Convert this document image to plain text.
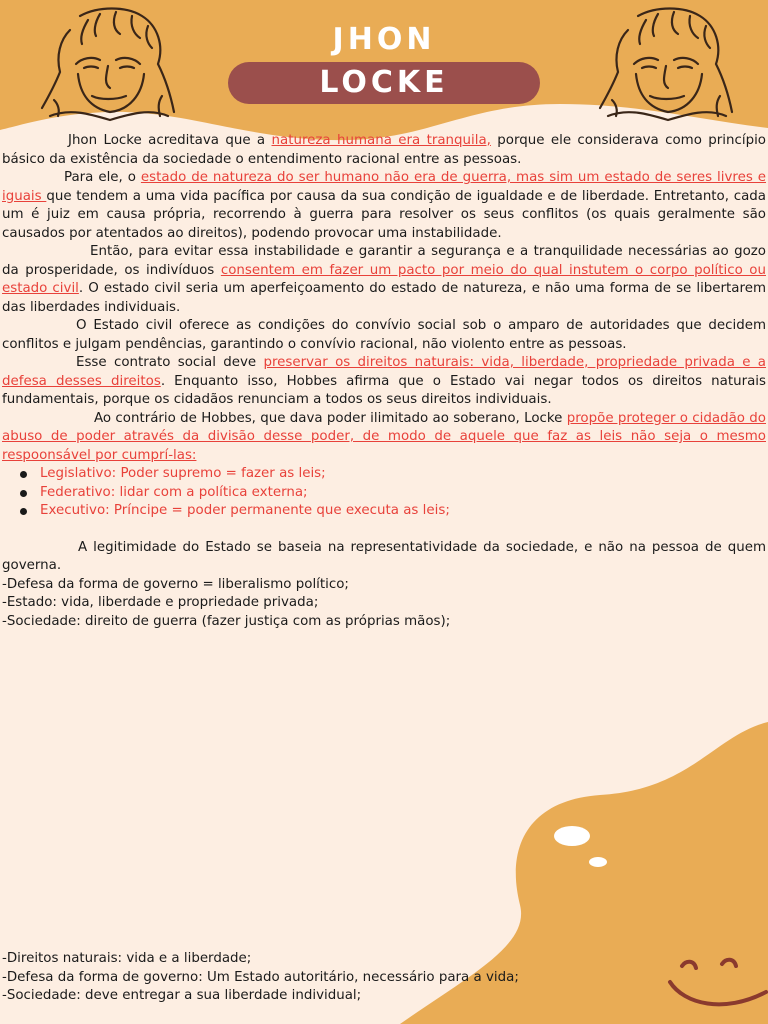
JHON
LOCKE

Jhon Locke acreditava que a natureza humana era tranquila, porque ele considerava como princípio básico da existência da sociedade o entendimento racional entre as pessoas.

Para ele, o estado de natureza do ser humano não era de guerra, mas sim um estado de seres livres e iguais que tendem a uma vida pacífica por causa da sua condição de igualdade e de liberdade. Entretanto, cada um é juiz em causa própria, recorrendo à guerra para resolver os seus conflitos (os quais geralmente são causados por atentados ao direitos), podendo provocar uma instabilidade.

Então, para evitar essa instabilidade e garantir a segurança e a tranquilidade necessárias ao gozo da prosperidade, os indivíduos consentem em fazer um pacto por meio do qual instutem o corpo político ou estado civil. O estado civil seria um aperfeiçoamento do estado de natureza, e não uma forma de se libertarem das liberdades individuais.

O Estado civil oferece as condições do convívio social sob o amparo de autoridades que decidem conflitos e julgam pendências, garantindo o convívio racional, não violento entre as pessoas.

Esse contrato social deve preservar os direitos naturais: vida, liberdade, propriedade privada e a defesa desses direitos. Enquanto isso, Hobbes afirma que o Estado vai negar todos os direitos naturais fundamentais, porque os cidadãos renunciam a todos os seus direitos individuais.

Ao contrário de Hobbes, que dava poder ilimitado ao soberano, Locke propõe proteger o cidadão do abuso de poder através da divisão desse poder, de modo de aquele que faz as leis não seja o mesmo respoonsável por cumprí-las:

Legislativo: Poder supremo = fazer as leis;
Federativo: lidar com a política externa;
Executivo: Príncipe = poder permanente que executa as leis;

A legitimidade do Estado se baseia na representatividade da sociedade, e não na pessoa de quem governa.

-Defesa da forma de governo = liberalismo político;

-Estado: vida, liberdade e propriedade privada;

-Sociedade: direito de guerra (fazer justiça com as próprias mãos);

-Direitos naturais: vida e a liberdade;

-Defesa da forma de governo: Um Estado autoritário, necessário para a vida;

-Sociedade: deve entregar a sua liberdade individual;
